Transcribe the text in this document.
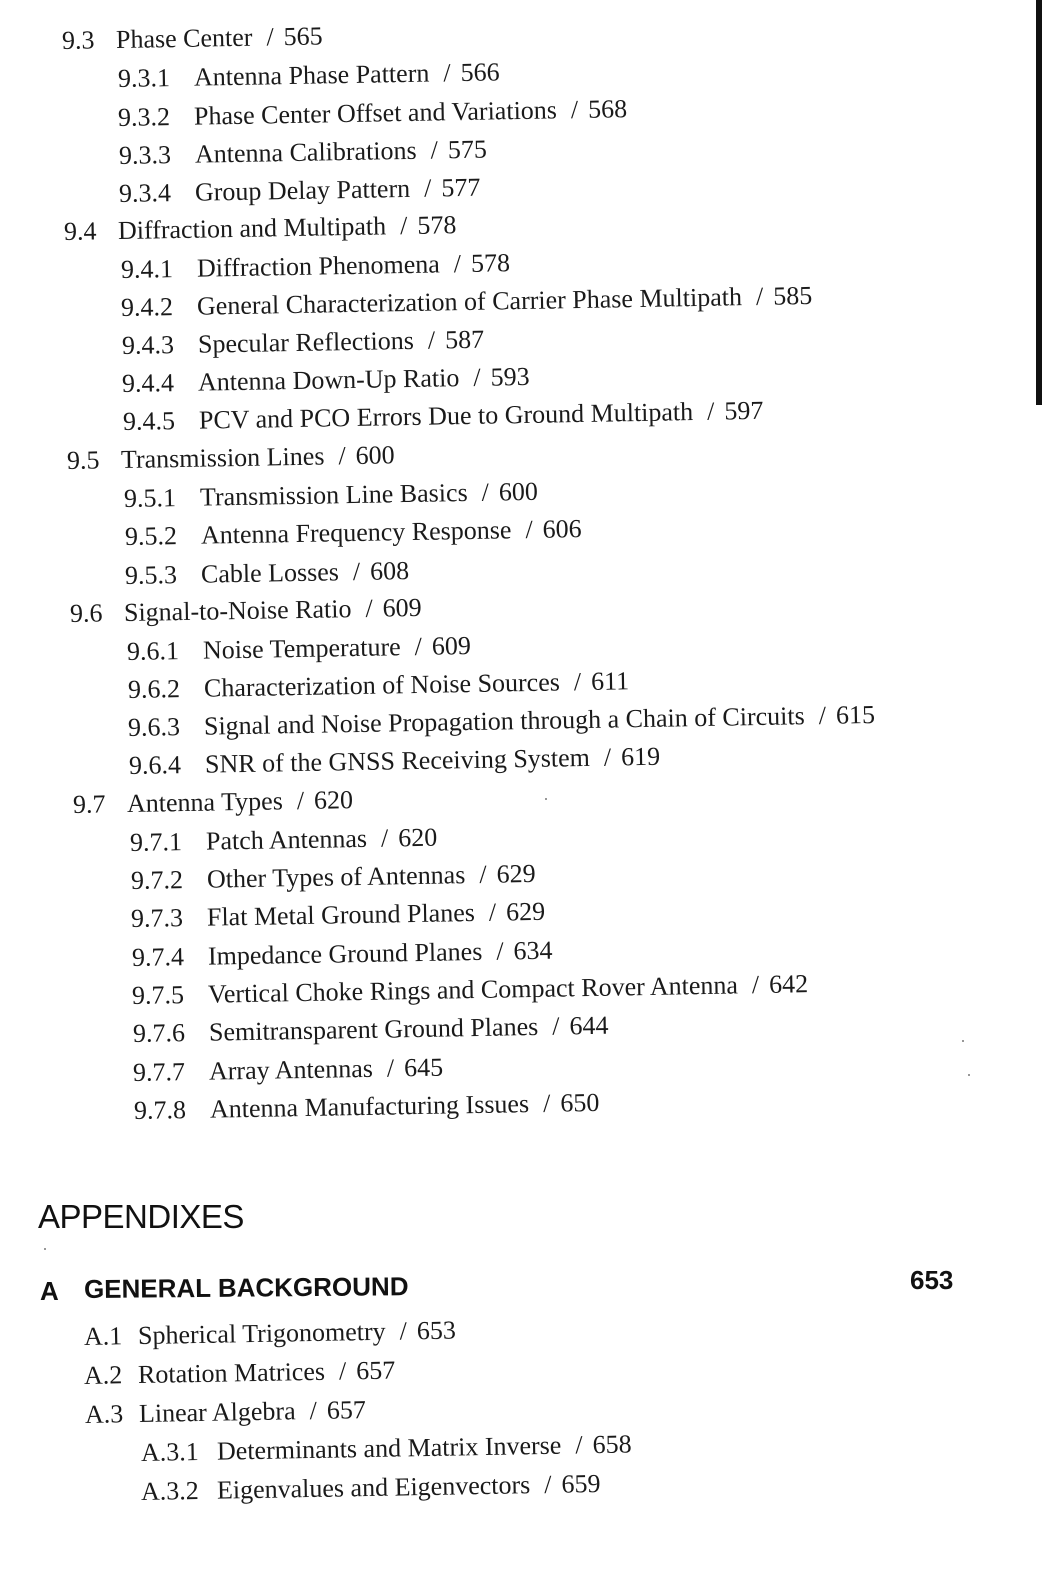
9.3 Phase Center / 565
9.3.1 Antenna Phase Pattern / 566
9.3.2 Phase Center Offset and Variations / 568
9.3.3 Antenna Calibrations / 575
9.3.4 Group Delay Pattern / 577
9.4 Diffraction and Multipath / 578
9.4.1 Diffraction Phenomena / 578
9.4.2 General Characterization of Carrier Phase Multipath / 585
9.4.3 Specular Reflections / 587
9.4.4 Antenna Down-Up Ratio / 593
9.4.5 PCV and PCO Errors Due to Ground Multipath / 597
9.5 Transmission Lines / 600
9.5.1 Transmission Line Basics / 600
9.5.2 Antenna Frequency Response / 606
9.5.3 Cable Losses / 608
9.6 Signal-to-Noise Ratio / 609
9.6.1 Noise Temperature / 609
9.6.2 Characterization of Noise Sources / 611
9.6.3 Signal and Noise Propagation through a Chain of Circuits / 615
9.6.4 SNR of the GNSS Receiving System / 619
9.7 Antenna Types / 620
9.7.1 Patch Antennas / 620
9.7.2 Other Types of Antennas / 629
9.7.3 Flat Metal Ground Planes / 629
9.7.4 Impedance Ground Planes / 634
9.7.5 Vertical Choke Rings and Compact Rover Antenna / 642
9.7.6 Semitransparent Ground Planes / 644
9.7.7 Array Antennas / 645
9.7.8 Antenna Manufacturing Issues / 650
APPENDIXES
A GENERAL BACKGROUND	653
A.1 Spherical Trigonometry / 653
A.2 Rotation Matrices / 657
A.3 Linear Algebra / 657
A.3.1 Determinants and Matrix Inverse / 658
A.3.2 Eigenvalues and Eigenvectors / 659
